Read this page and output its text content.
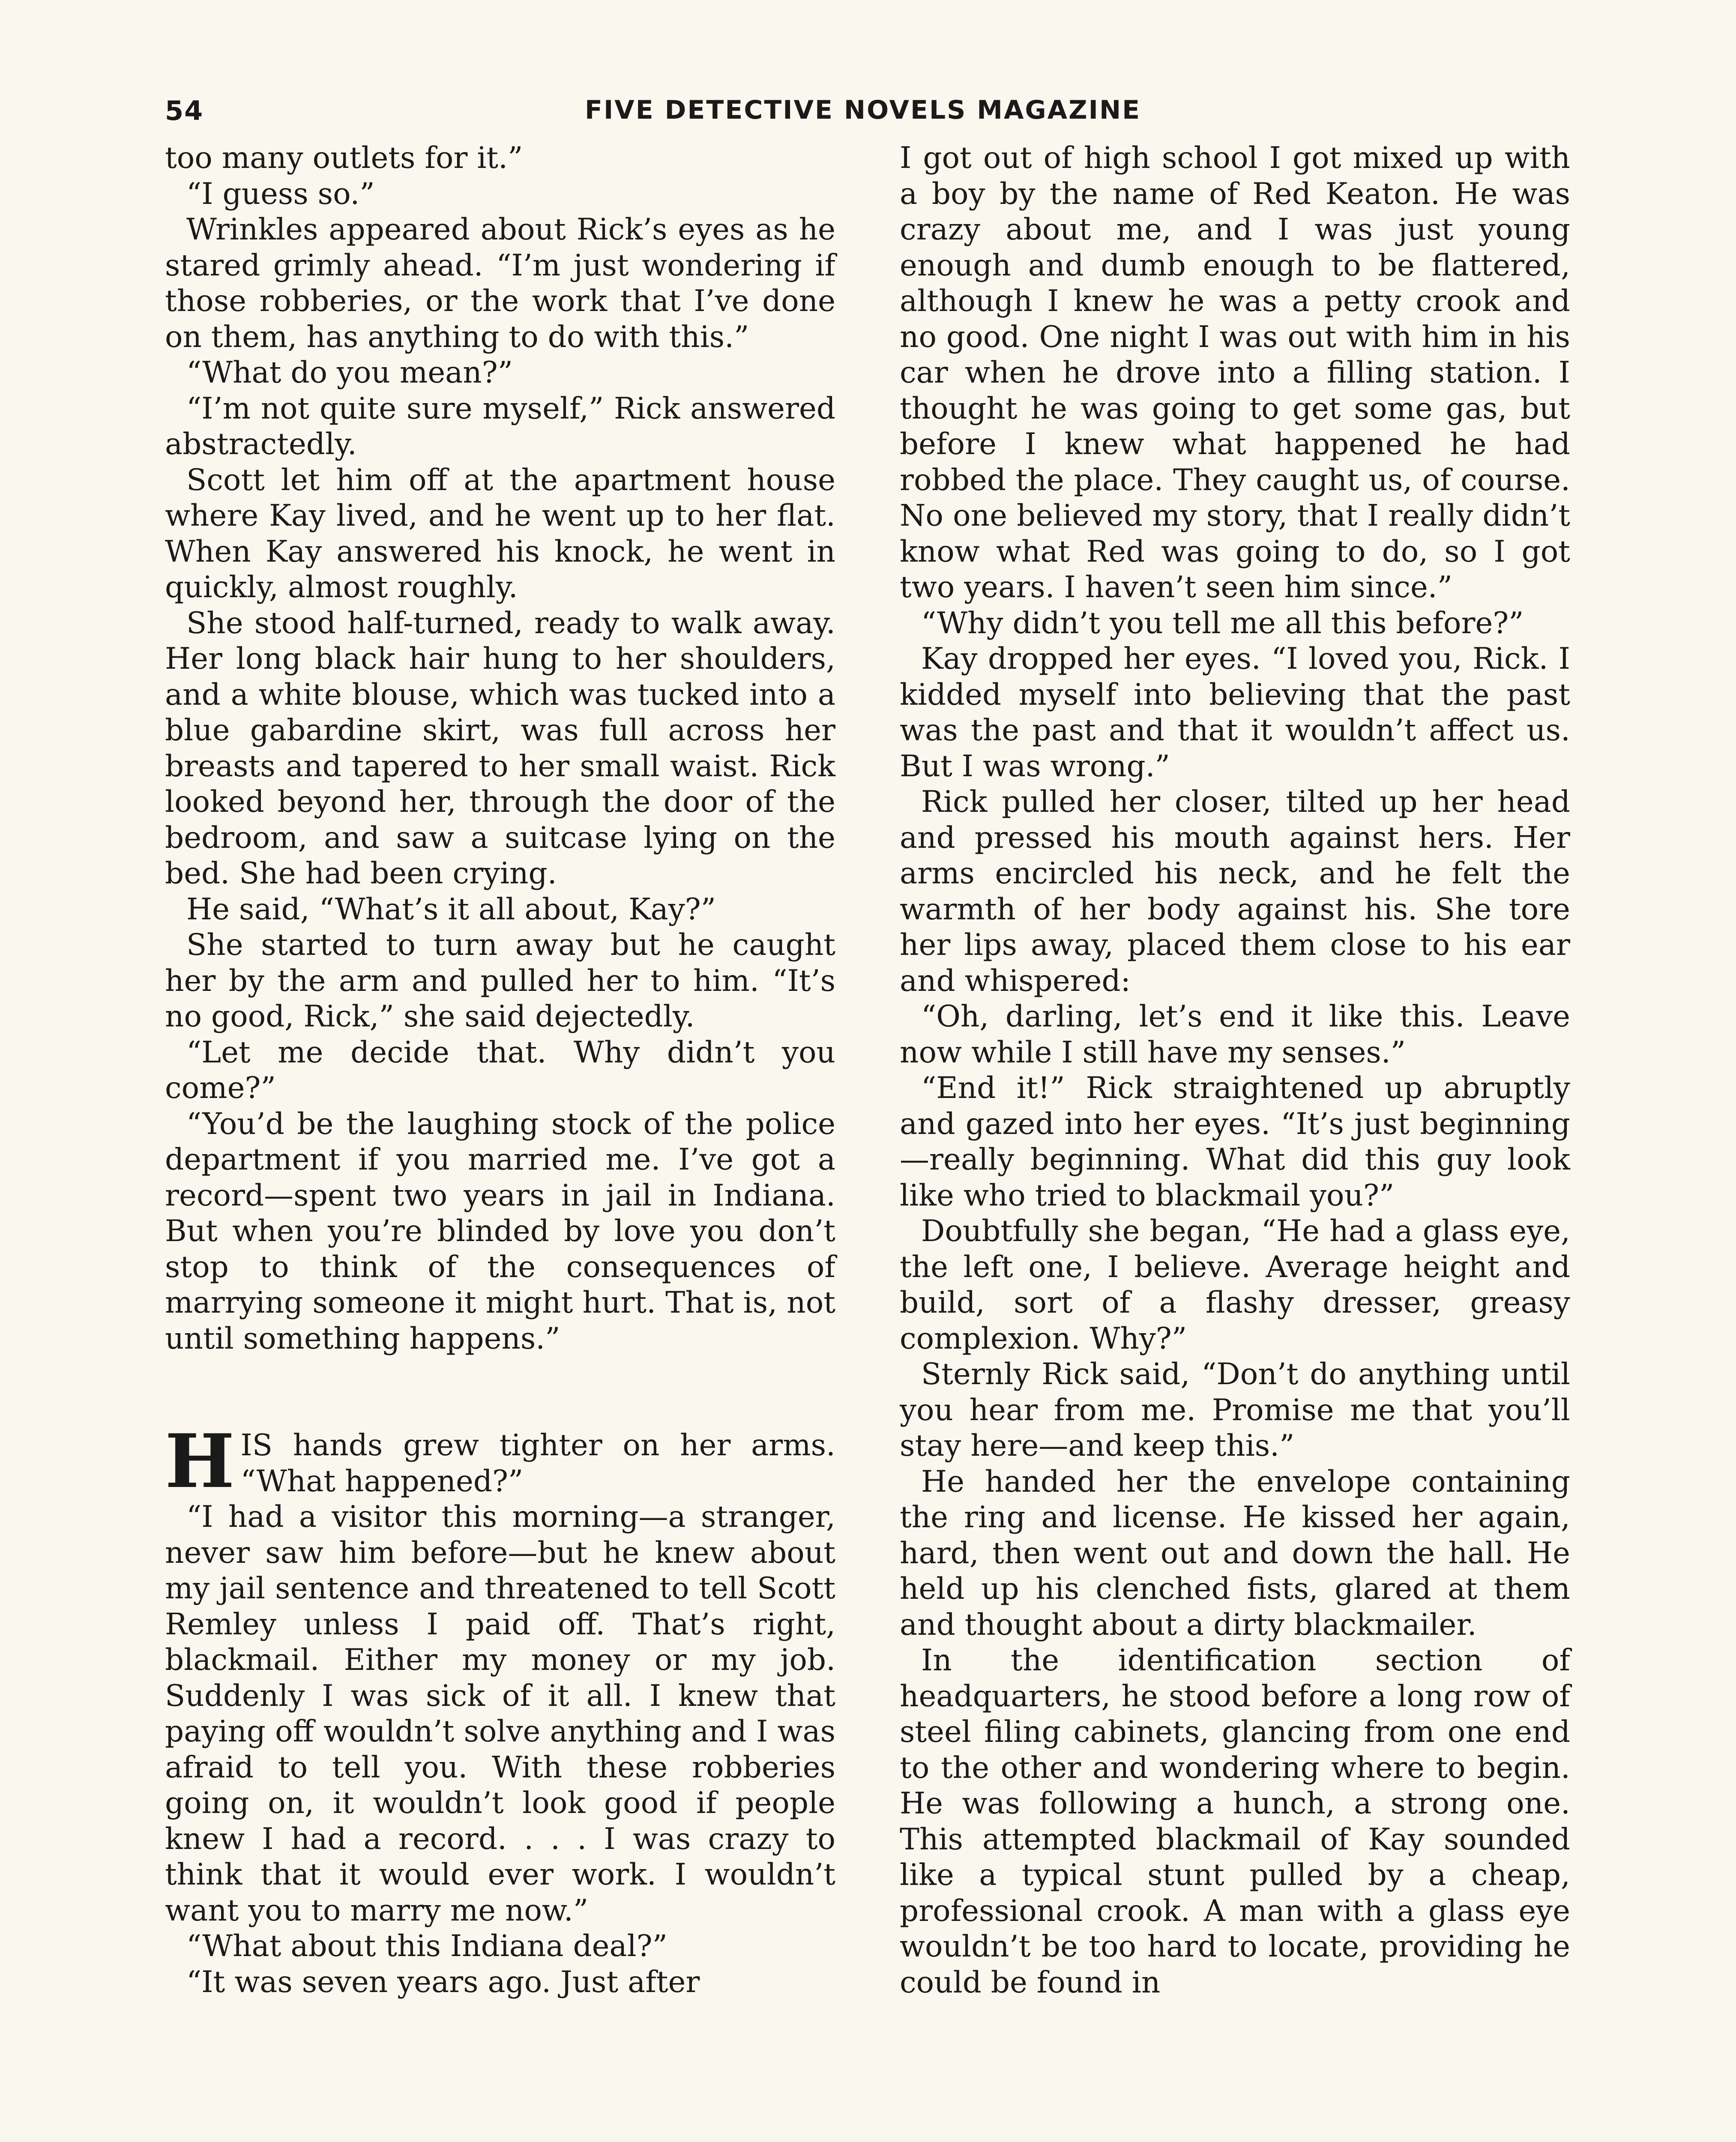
54	FIVE DETECTIVE NOVELS MAGAZINE

too many outlets for it.”

“I guess so.”

Wrinkles appeared about Rick’s eyes as he stared grimly ahead. “I’m just wondering if those robberies, or the work that I’ve done on them, has anything to do with this.”

“What do you mean?”

“I’m not quite sure myself,” Rick answered abstractedly.

Scott let him off at the apartment house where Kay lived, and he went up to her flat. When Kay answered his knock, he went in quickly, almost roughly.

She stood half-turned, ready to walk away. Her long black hair hung to her shoulders, and a white blouse, which was tucked into a blue gabardine skirt, was full across her breasts and tapered to her small waist. Rick looked beyond her, through the door of the bedroom, and saw a suitcase lying on the bed. She had been crying.

He said, “What’s it all about, Kay?”

She started to turn away but he caught her by the arm and pulled her to him. “It’s no good, Rick,” she said dejectedly.

“Let me decide that. Why didn’t you come?”

“You’d be the laughing stock of the police department if you married me. I’ve got a record—spent two years in jail in Indiana. But when you’re blinded by love you don’t stop to think of the consequences of marrying someone it might hurt. That is, not until something happens.”

HIS hands grew tighter on her arms. “What happened?”

“I had a visitor this morning—a stranger, never saw him before—but he knew about my jail sentence and threatened to tell Scott Remley unless I paid off. That’s right, blackmail. Either my money or my job. Suddenly I was sick of it all. I knew that paying off wouldn’t solve anything and I was afraid to tell you. With these robberies going on, it wouldn’t look good if people knew I had a record. . . . I was crazy to think that it would ever work. I wouldn’t want you to marry me now.”

“What about this Indiana deal?”

“It was seven years ago. Just after

I got out of high school I got mixed up with a boy by the name of Red Keaton. He was crazy about me, and I was just young enough and dumb enough to be flattered, although I knew he was a petty crook and no good. One night I was out with him in his car when he drove into a filling station. I thought he was going to get some gas, but before I knew what happened he had robbed the place. They caught us, of course. No one believed my story, that I really didn’t know what Red was going to do, so I got two years. I haven’t seen him since.”

“Why didn’t you tell me all this before?”

Kay dropped her eyes. “I loved you, Rick. I kidded myself into believing that the past was the past and that it wouldn’t affect us. But I was wrong.”

Rick pulled her closer, tilted up her head and pressed his mouth against hers. Her arms encircled his neck, and he felt the warmth of her body against his. She tore her lips away, placed them close to his ear and whispered:

“Oh, darling, let’s end it like this. Leave now while I still have my senses.”

“End it!” Rick straightened up abruptly and gazed into her eyes. “It’s just beginning—really beginning. What did this guy look like who tried to blackmail you?”

Doubtfully she began, “He had a glass eye, the left one, I believe. Average height and build, sort of a flashy dresser, greasy complexion. Why?”

Sternly Rick said, “Don’t do anything until you hear from me. Promise me that you’ll stay here—and keep this.”

He handed her the envelope containing the ring and license. He kissed her again, hard, then went out and down the hall. He held up his clenched fists, glared at them and thought about a dirty blackmailer.

In the identification section of headquarters, he stood before a long row of steel filing cabinets, glancing from one end to the other and wondering where to begin. He was following a hunch, a strong one. This attempted blackmail of Kay sounded like a typical stunt pulled by a cheap, professional crook. A man with a glass eye wouldn’t be too hard to locate, providing he could be found in
